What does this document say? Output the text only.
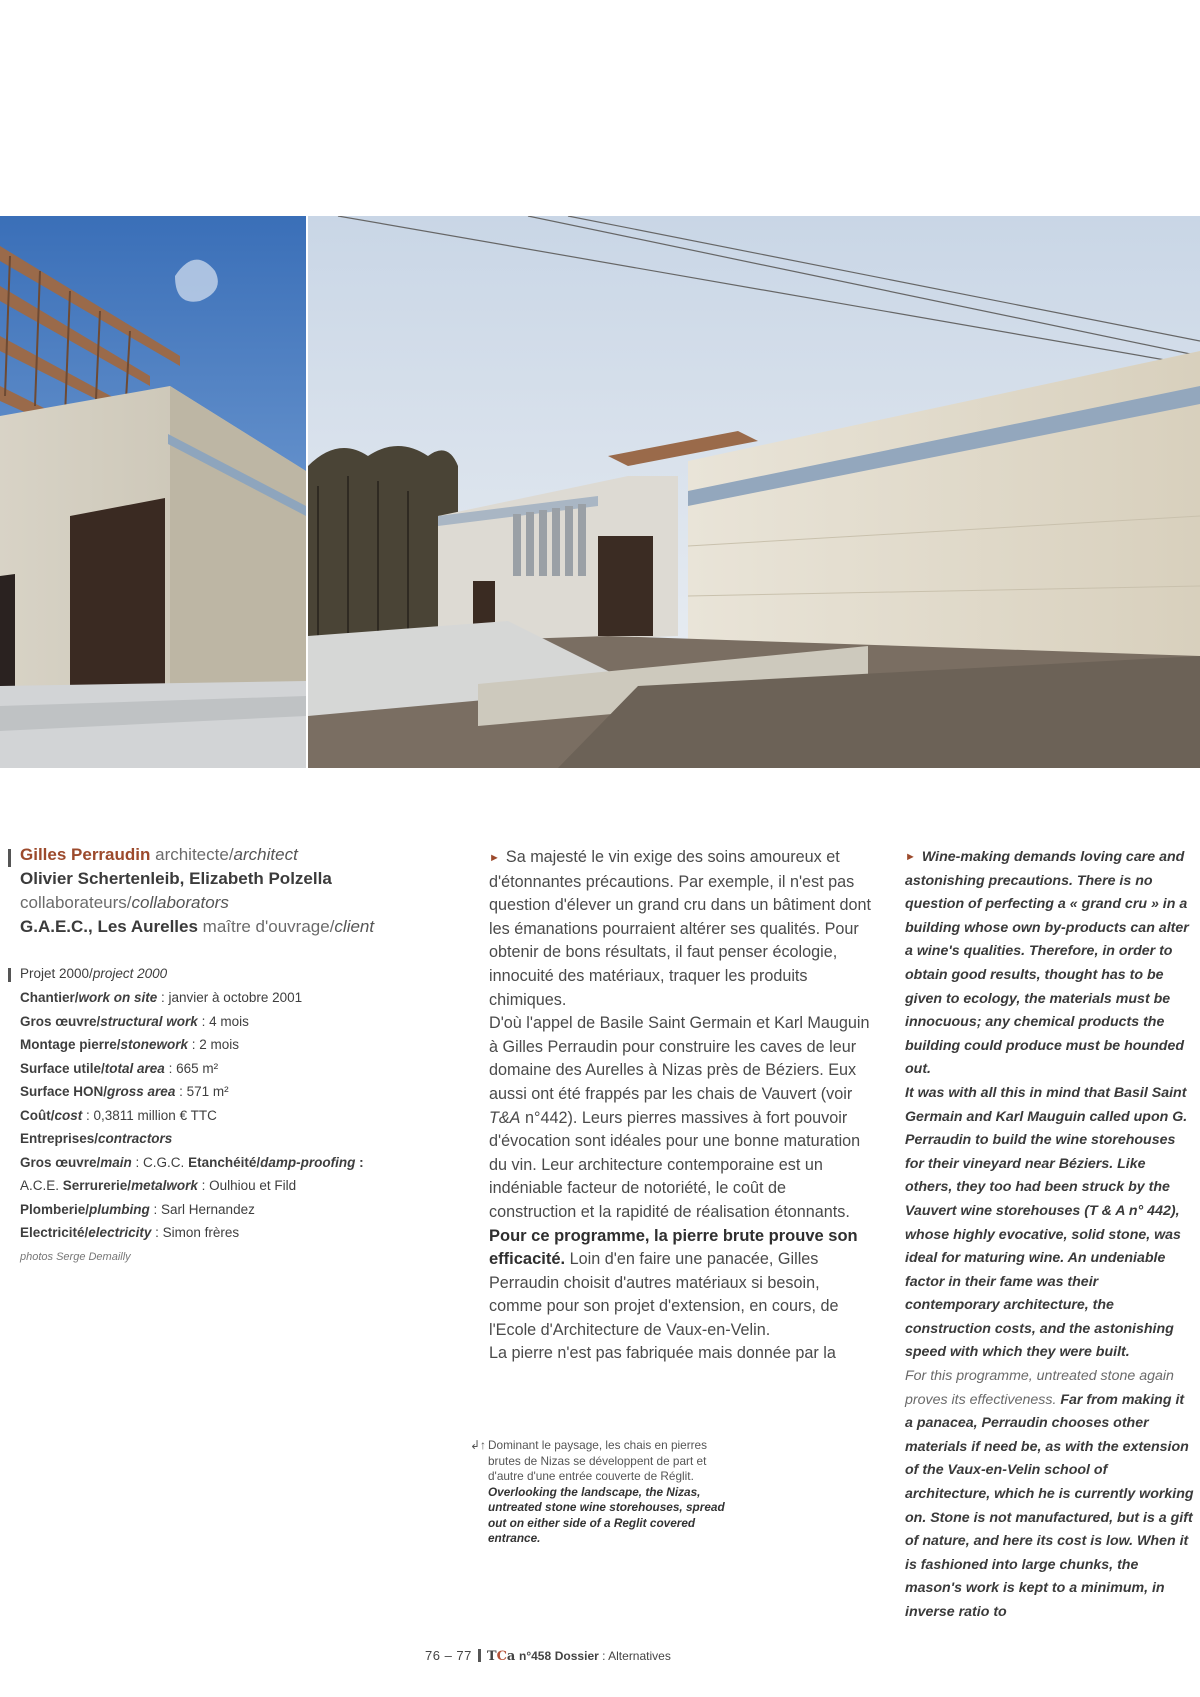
Gilles Perraudin architecte/architect
Olivier Schertenleib, Elizabeth Polzella
collaborateurs/collaborators
G.A.E.C., Les Aurelles maître d'ouvrage/client
Projet 2000/project 2000
Chantier/work on site : janvier à octobre 2001
Gros œuvre/structural work : 4 mois
Montage pierre/stonework : 2 mois
Surface utile/total area : 665 m²
Surface HON/gross area : 571 m²
Coût/cost : 0,3811 million € TTC
Entreprises/contractors
Gros œuvre/main : C.G.C. Etanchéité/damp-proofing :
A.C.E. Serrurerie/metalwork : Oulhiou et Fild
Plomberie/plumbing : Sarl Hernandez
Electricité/electricity : Simon frères
photos Serge Demailly

► Sa majesté le vin exige des soins amoureux et d'étonnantes précautions. Par exemple, il n'est pas question d'élever un grand cru dans un bâtiment dont les émanations pourraient altérer ses qualités. Pour obtenir de bons résultats, il faut penser écologie, innocuité des matériaux, traquer les produits chimiques.

D'où l'appel de Basile Saint Germain et Karl Mauguin à Gilles Perraudin pour construire les caves de leur domaine des Aurelles à Nizas près de Béziers. Eux aussi ont été frappés par les chais de Vauvert (voir T&A n°442). Leurs pierres massives à fort pouvoir d'évocation sont idéales pour une bonne maturation du vin. Leur architecture contemporaine est un indéniable facteur de notoriété, le coût de construction et la rapidité de réalisation étonnants.

Pour ce programme, la pierre brute prouve son efficacité. Loin d'en faire une panacée, Gilles Perraudin choisit d'autres matériaux si besoin, comme pour son projet d'extension, en cours, de l'Ecole d'Architecture de Vaux-en-Velin.

La pierre n'est pas fabriquée mais donnée par la

► Wine-making demands loving care and astonishing precautions. There is no question of perfecting a « grand cru » in a building whose own by-products can alter a wine's qualities. Therefore, in order to obtain good results, thought has to be given to ecology, the materials must be innocuous; any chemical products the building could produce must be hounded out.

It was with all this in mind that Basil Saint Germain and Karl Mauguin called upon G. Perraudin to build the wine storehouses for their vineyard near Béziers. Like others, they too had been struck by the Vauvert wine storehouses (T & A n° 442), whose highly evocative, solid stone, was ideal for maturing wine. An undeniable factor in their fame was their contemporary architecture, the construction costs, and the astonishing speed with which they were built.

For this programme, untreated stone again proves its effectiveness. Far from making it a panacea, Perraudin chooses other materials if need be, as with the extension of the Vaux-en-Velin school of architecture, which he is currently working on. Stone is not manufactured, but is a gift of nature, and here its cost is low. When it is fashioned into large chunks, the mason's work is kept to a minimum, in inverse ratio to

↲↑ Dominant le paysage, les chais en pierres brutes de Nizas se développent de part et d'autre d'une entrée couverte de Réglit.
Overlooking the landscape, the Nizas, untreated stone wine storehouses, spread out on either side of a Reglit covered entrance.
76 – 77 TCa n°458 Dossier : Alternatives
